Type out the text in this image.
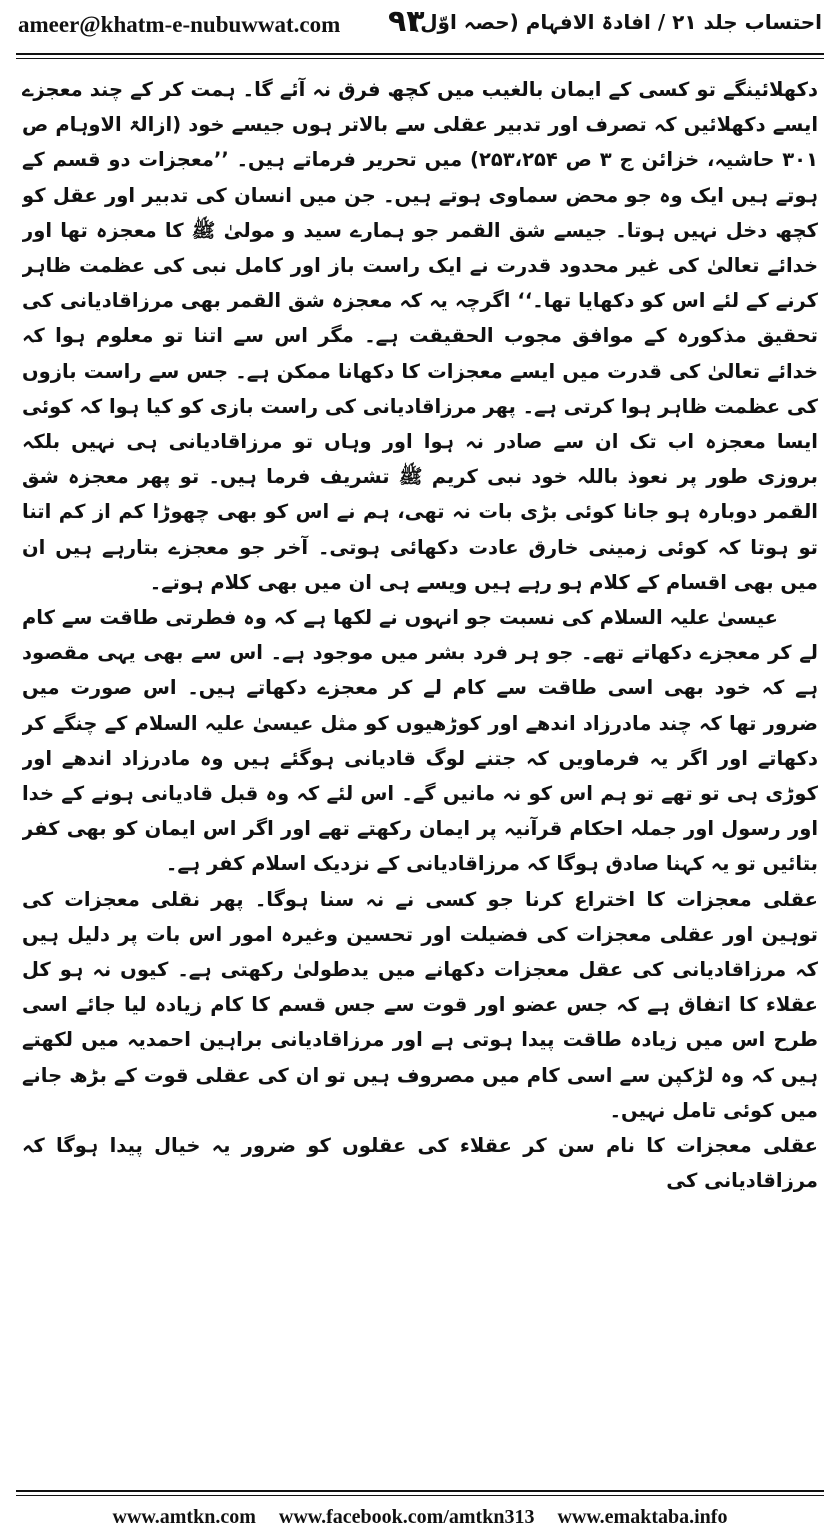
ameer@khatm-e-nubuwwat.com ۹۳
احتساب جلد ۲۱ / افادۃ الافہام (حصہ اوّل)

دکھلائینگے تو کسی کے ایمان بالغیب میں کچھ فرق نہ آئے گا۔ ہمت کر کے چند معجزے ایسے دکھلائیں کہ تصرف اور تدبیر عقلی سے بالاتر ہوں جیسے خود (ازالۃ الاوہام ص ۳۰۱ حاشیہ، خزائن ج ۳ ص ۲۵۳،۲۵۴) میں تحریر فرماتے ہیں۔ ’’معجزات دو قسم کے ہوتے ہیں ایک وہ جو محض سماوی ہوتے ہیں۔ جن میں انسان کی تدبیر اور عقل کو کچھ دخل نہیں ہوتا۔ جیسے شق القمر جو ہمارے سید و مولیٰ ﷺ کا معجزہ تھا اور خدائے تعالیٰ کی غیر محدود قدرت نے ایک راست باز اور کامل نبی کی عظمت ظاہر کرنے کے لئے اس کو دکھایا تھا۔‘‘ اگرچہ یہ کہ معجزہ شق القمر بھی مرزاقادیانی کی تحقیق مذکورہ کے موافق مجوب الحقیقت ہے۔ مگر اس سے اتنا تو معلوم ہوا کہ خدائے تعالیٰ کی قدرت میں ایسے معجزات کا دکھانا ممکن ہے۔ جس سے راست بازوں کی عظمت ظاہر ہوا کرتی ہے۔ پھر مرزاقادیانی کی راست بازی کو کیا ہوا کہ کوئی ایسا معجزہ اب تک ان سے صادر نہ ہوا اور وہاں تو مرزاقادیانی ہی نہیں بلکہ بروزی طور پر نعوذ باللہ خود نبی کریم ﷺ تشریف فرما ہیں۔ تو پھر معجزہ شق القمر دوبارہ ہو جانا کوئی بڑی بات نہ تھی، ہم نے اس کو بھی چھوڑا کم از کم اتنا تو ہوتا کہ کوئی زمینی خارق عادت دکھائی ہوتی۔ آخر جو معجزے بتارہے ہیں ان میں بھی اقسام کے کلام ہو رہے ہیں ویسے ہی ان میں بھی کلام ہوتے۔

عیسیٰ علیہ السلام کی نسبت جو انہوں نے لکھا ہے کہ وہ فطرتی طاقت سے کام لے کر معجزے دکھاتے تھے۔ جو ہر فرد بشر میں موجود ہے۔ اس سے بھی یہی مقصود ہے کہ خود بھی اسی طاقت سے کام لے کر معجزے دکھاتے ہیں۔ اس صورت میں ضرور تھا کہ چند مادرزاد اندھے اور کوڑھیوں کو مثل عیسیٰ علیہ السلام کے چنگے کر دکھاتے اور اگر یہ فرماویں کہ جتنے لوگ قادیانی ہوگئے ہیں وہ مادرزاد اندھے اور کوڑی ہی تو تھے تو ہم اس کو نہ مانیں گے۔ اس لئے کہ وہ قبل قادیانی ہونے کے خدا اور رسول اور جملہ احکام قرآنیہ پر ایمان رکھتے تھے اور اگر اس ایمان کو بھی کفر بتائیں تو یہ کہنا صادق ہوگا کہ مرزاقادیانی کے نزدیک اسلام کفر ہے۔

عقلی معجزات کا اختراع کرنا جو کسی نے نہ سنا ہوگا۔ پھر نقلی معجزات کی توہین اور عقلی معجزات کی فضیلت اور تحسین وغیرہ امور اس بات پر دلیل ہیں کہ مرزاقادیانی کی عقل معجزات دکھانے میں یدطولیٰ رکھتی ہے۔ کیوں نہ ہو کل عقلاء کا اتفاق ہے کہ جس عضو اور قوت سے جس قسم کا کام زیادہ لیا جائے اسی طرح اس میں زیادہ طاقت پیدا ہوتی ہے اور مرزاقادیانی براہین احمدیہ میں لکھتے ہیں کہ وہ لڑکپن سے اسی کام میں مصروف ہیں تو ان کی عقلی قوت کے بڑھ جانے میں کوئی تامل نہیں۔

عقلی معجزات کا نام سن کر عقلاء کی عقلوں کو ضرور یہ خیال پیدا ہوگا کہ مرزاقادیانی کی

www.amtkn.com www.facebook.com/amtkn313 www.emaktaba.info
